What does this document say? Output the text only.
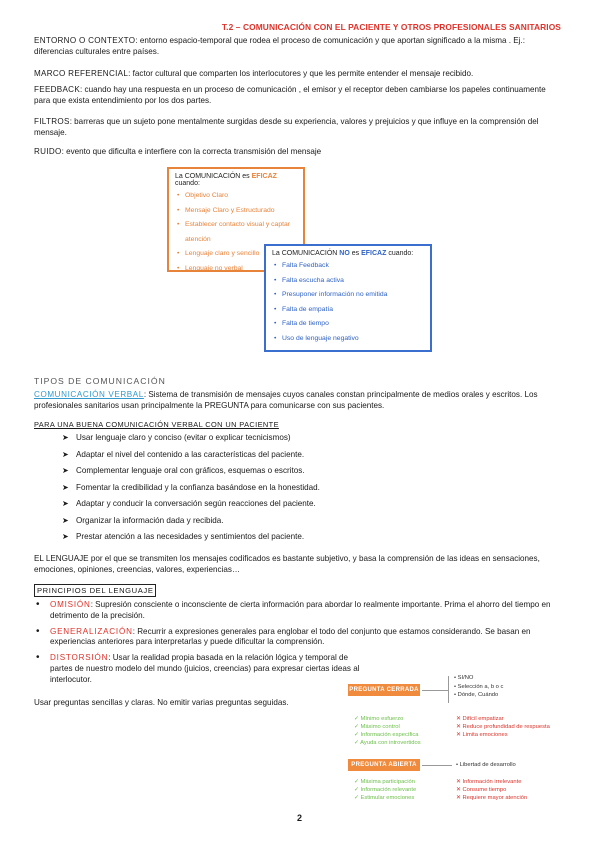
T.2 – COMUNICACIÓN CON EL PACIENTE Y OTROS PROFESIONALES SANITARIOS
ENTORNO O CONTEXTO: entorno espacio-temporal que rodea el proceso de comunicación y que aportan significado a la misma . Ej.: diferencias culturales entre países.
MARCO REFERENCIAL: factor cultural que comparten los interlocutores y que les permite entender el mensaje recibido.
FEEDBACK: cuando hay una respuesta en un proceso de comunicación , el emisor y el receptor deben cambiarse los papeles continuamente para que exista entendimiento por los dos partes.
FILTROS: barreras que un sujeto pone mentalmente surgidas desde su experiencia, valores y prejuicios y que influye en la comprensión del mensaje.
RUIDO: evento que dificulta e interfiere con la correcta transmisión del mensaje
La COMUNICACIÓN es EFICAZ cuando:
• Objetivo Claro
• Mensaje Claro y Estructurado
• Establecer contacto visual y captar atención
• Lenguaje claro y sencillo
• Lenguaje no verbal
La COMUNICACIÓN NO es EFICAZ cuando:
• Falta Feedback
• Falta escucha activa
• Presuponer información no emitida
• Falta de empatía
• Falta de tiempo
• Uso de lenguaje negativo
TIPOS DE COMUNICACIÓN
COMUNICACIÓN VERBAL: Sistema de transmisión de mensajes cuyos canales constan principalmente de medios orales y escritos. Los profesionales sanitarios usan principalmente la PREGUNTA para comunicarse con sus pacientes.
PARA UNA BUENA COMUNICACIÓN VERBAL CON UN PACIENTE
➤ Usar lenguaje claro y conciso (evitar o explicar tecnicismos)
➤ Adaptar el nivel del contenido a las características del paciente.
➤ Complementar lenguaje oral con gráficos, esquemas o escritos.
➤ Fomentar la credibilidad y la confianza basándose en la honestidad.
➤ Adaptar y conducir la conversación según reacciones del paciente.
➤ Organizar la información dada y recibida.
➤ Prestar atención a las necesidades y sentimientos del paciente.
EL LENGUAJE por el que se transmiten los mensajes codificados es bastante subjetivo, y basa la comprensión de las ideas en sensaciones, emociones, opiniones, creencias, valores, experiencias…
PRINCIPIOS DEL LENGUAJE
• OMISIÓN: Supresión consciente o inconsciente de cierta información para abordar lo realmente importante. Prima el ahorro del tiempo en detrimento de la precisión.
• GENERALIZACIÓN: Recurrir a expresiones generales para englobar el todo del conjunto que estamos considerando. Se basan en experiencias anteriores para interpretarlas y puede dificultar la comprensión.
• DISTORSIÓN: Usar la realidad propia basada en la relación lógica y temporal de partes de nuestro modelo del mundo (juicios, creencias) para expresar ciertas ideas al interlocutor.
Usar preguntas sencillas y claras. No emitir varias preguntas seguidas.
PREGUNTA CERRADA
• SI/NO
• Selección a, b o c
• Dónde, Cuándo
✓ Mínimo esfuerzo
✓ Máximo control
✓ Información específica
✓ Ayuda con introvertidos
✕ Difícil empatizar
✕ Reduce profundidad de respuesta
✕ Limita emociones
PREGUNTA ABIERTA	• Libertad de desarrollo
✓ Máxima participación
✓ Información relevante
✓ Estimular emociones
✕ Información irrelevante
✕ Consume tiempo
✕ Requiere mayor atención
2
